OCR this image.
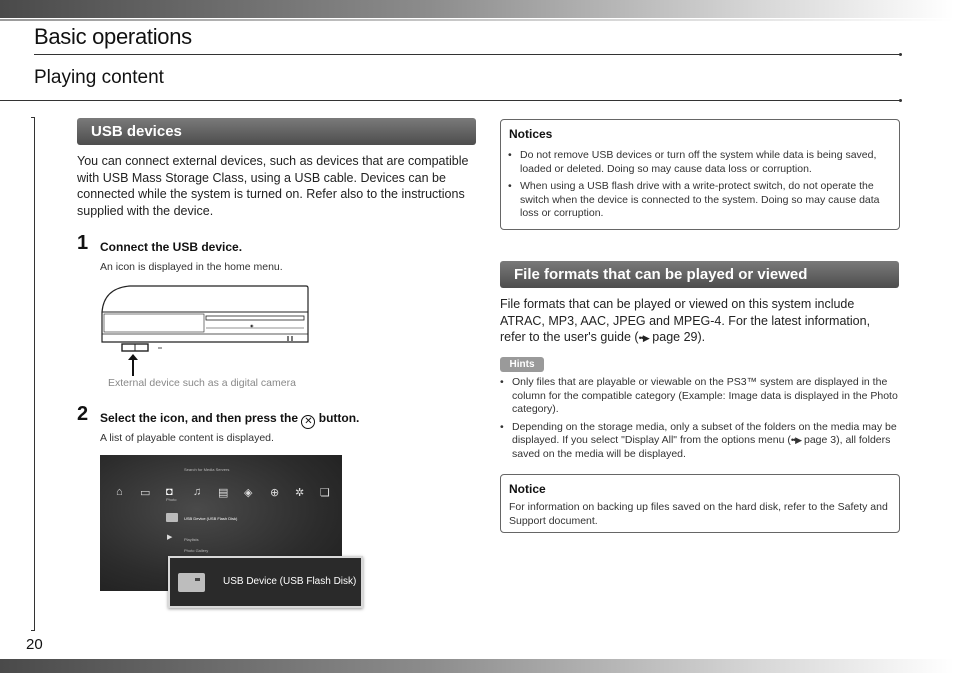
Basic operations
Playing content
20
USB devices
You can connect external devices, such as devices that are compatible with USB Mass Storage Class, using a USB cable. Devices can be connected while the system is turned on. Refer also to the instructions supplied with the device.
1 Connect the USB device.
An icon is displayed in the home menu.
◉
External device such as a digital camera
2 Select the icon, and then press the ✕ button.
A list of playable content is displayed.
Search for Media Servers
⌂ ▭ ◘
Photo
♫ ▤ ◈ ⊕ ✲ ❏
USB Device (USB Flash Disk)
▶	Playlists
Photo Gallery
USB Device (USB Flash Disk)
Notices
• Do not remove USB devices or turn off the system while data is being saved, loaded or deleted. Doing so may cause data loss or corruption.
• When using a USB flash drive with a write-protect switch, do not operate the switch when the device is connected to the system. Doing so may cause data loss or corruption.
File formats that can be played or viewed
File formats that can be played or viewed on this system include ATRAC, MP3, AAC, JPEG and MPEG-4. For the latest information, refer to the user's guide (••▶ page 29).
Hints
• Only files that are playable or viewable on the PS3™ system are displayed in the column for the compatible category (Example: Image data is displayed in the Photo category).
• Depending on the storage media, only a subset of the folders on the media may be displayed. If you select "Display All" from the options menu (••▶ page 3), all folders saved on the media will be displayed.
Notice
For information on backing up files saved on the hard disk, refer to the Safety and Support document.
